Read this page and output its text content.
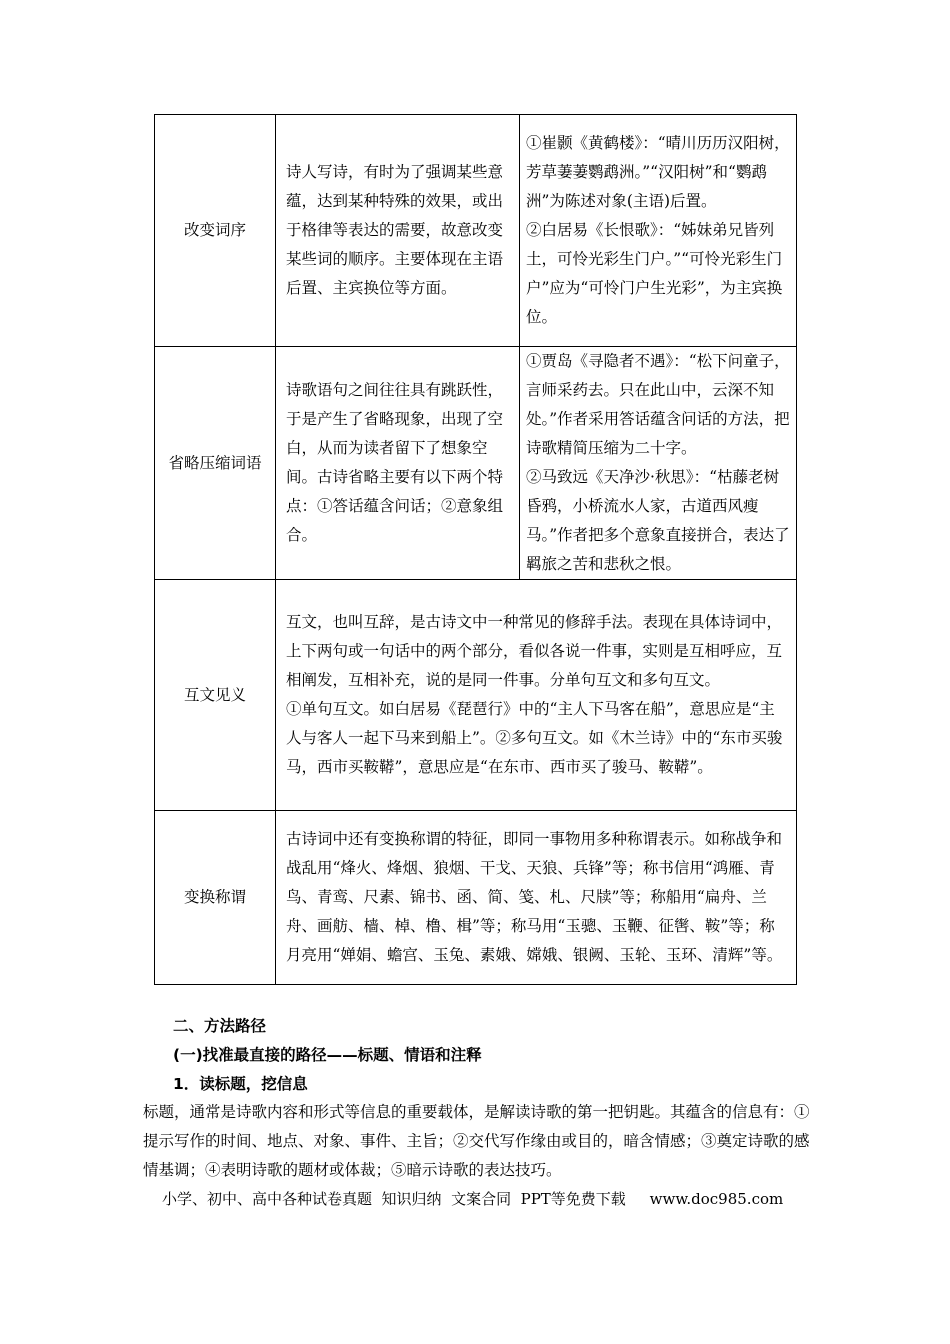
改变词序	诗人写诗，有时为了强调某些意蕴，达到某种特殊的效果，或出于格律等表达的需要，故意改变某些词的顺序。主要体现在主语后置、主宾换位等方面。	①崔颢《黄鹤楼》：“晴川历历汉阳树，芳草萋萋鹦鹉洲。”“汉阳树”和“鹦鹉洲”为陈述对象(主语)后置。

②白居易《长恨歌》：“姊妹弟兄皆列土，可怜光彩生门户。”“可怜光彩生门户”应为“可怜门户生光彩”，为主宾换位。

省略压缩词语	诗歌语句之间往往具有跳跃性，于是产生了省略现象，出现了空白，从而为读者留下了想象空间。古诗省略主要有以下两个特点：①答话蕴含问话；②意象组合。	①贾岛《寻隐者不遇》：“松下问童子，言师采药去。只在此山中，云深不知处。”作者采用答话蕴含问话的方法，把诗歌精简压缩为二十字。

②马致远《天净沙·秋思》：“枯藤老树昏鸦，小桥流水人家，古道西风瘦马。”作者把多个意象直接拼合，表达了羁旅之苦和悲秋之恨。

互文见义	互文，也叫互辞，是古诗文中一种常见的修辞手法。表现在具体诗词中，上下两句或一句话中的两个部分，看似各说一件事，实则是互相呼应，互相阐发，互相补充，说的是同一件事。分单句互文和多句互文。

①单句互文。如白居易《琵琶行》中的“主人下马客在船”，意思应是“主人与客人一起下马来到船上”。②多句互文。如《木兰诗》中的“东市买骏马，西市买鞍鞯”，意思应是“在东市、西市买了骏马、鞍鞯”。	

变换称谓	古诗词中还有变换称谓的特征，即同一事物用多种称谓表示。如称战争和战乱用“烽火、烽烟、狼烟、干戈、天狼、兵锋”等；称书信用“鸿雁、青鸟、青鸾、尺素、锦书、函、简、笺、札、尺牍”等；称船用“扁舟、兰舟、画舫、樯、棹、橹、楫”等；称马用“玉骢、玉鞭、征辔、鞍”等；称月亮用“婵娟、蟾宫、玉兔、素娥、嫦娥、银阙、玉轮、玉环、清辉”等。	

二、方法路径
(一)找准最直接的路径——标题、情语和注释
1．读标题，挖信息
标题，通常是诗歌内容和形式等信息的重要载体，是解读诗歌的第一把钥匙。其蕴含的信息有：①提示写作的时间、地点、对象、事件、主旨；②交代写作缘由或目的，暗含情感；③奠定诗歌的感情基调；④表明诗歌的题材或体裁；⑤暗示诗歌的表达技巧。
小学、初中、高中各种试卷真题  知识归纳  文案合同  PPT等免费下载     www.doc985.com
